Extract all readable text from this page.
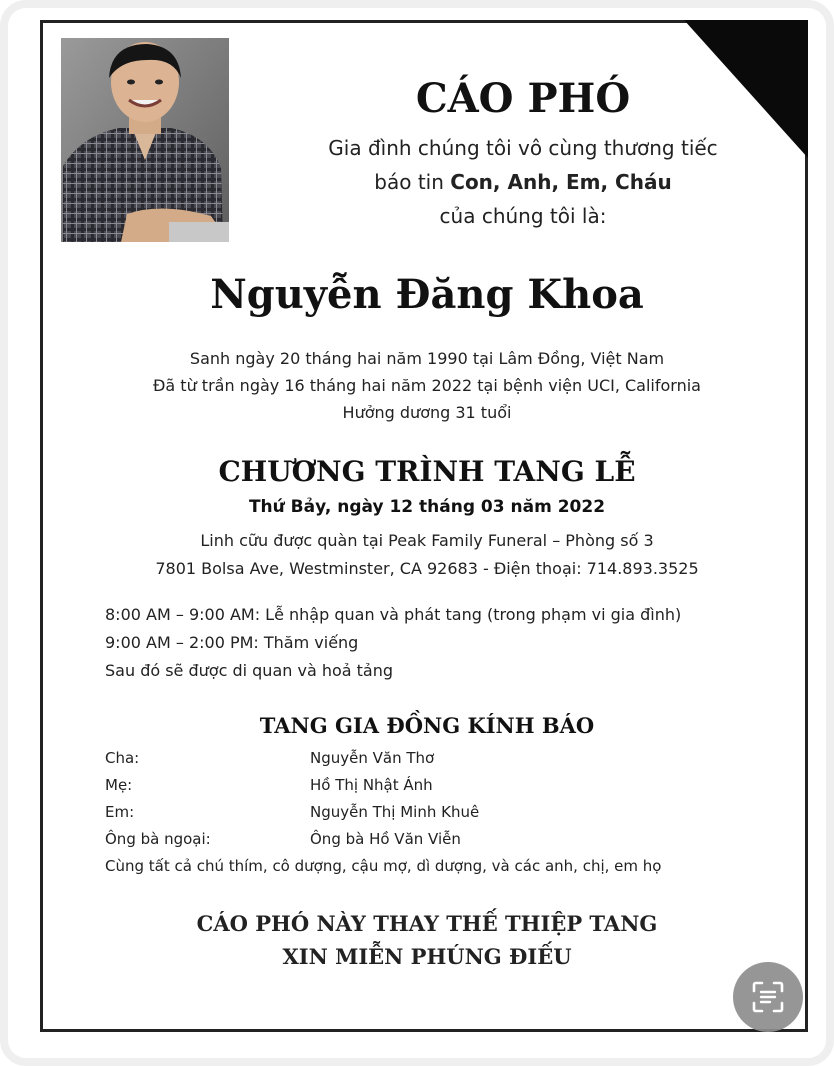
CÁO PHÓ
Gia đình chúng tôi vô cùng thương tiếc
báo tin Con, Anh, Em, Cháu
của chúng tôi là:
Nguyễn Đăng Khoa
Sanh ngày 20 tháng hai năm 1990 tại Lâm Đồng, Việt Nam
Đã từ trần ngày 16 tháng hai năm 2022 tại bệnh viện UCI, California
Hưởng dương 31 tuổi
CHƯƠNG TRÌNH TANG LỄ
Thứ Bảy, ngày 12 tháng 03 năm 2022
Linh cữu được quàn tại Peak Family Funeral – Phòng số 3
7801 Bolsa Ave, Westminster, CA 92683 - Điện thoại: 714.893.3525
8:00 AM – 9:00 AM: Lễ nhập quan và phát tang (trong phạm vi gia đình)
9:00 AM – 2:00 PM: Thăm viếng
Sau đó sẽ được di quan và hoả tảng
TANG GIA ĐỒNG KÍNH BÁO
Cha:	Nguyễn Văn Thơ
Mẹ:	Hồ Thị Nhật Ánh
Em:	Nguyễn Thị Minh Khuê
Ông bà ngoại:	Ông bà Hồ Văn Viễn
Cùng tất cả chú thím, cô dượng, cậu mợ, dì dượng, và các anh, chị, em họ
CÁO PHÓ NÀY THAY THẾ THIỆP TANG
XIN MIỄN PHÚNG ĐIẾU
